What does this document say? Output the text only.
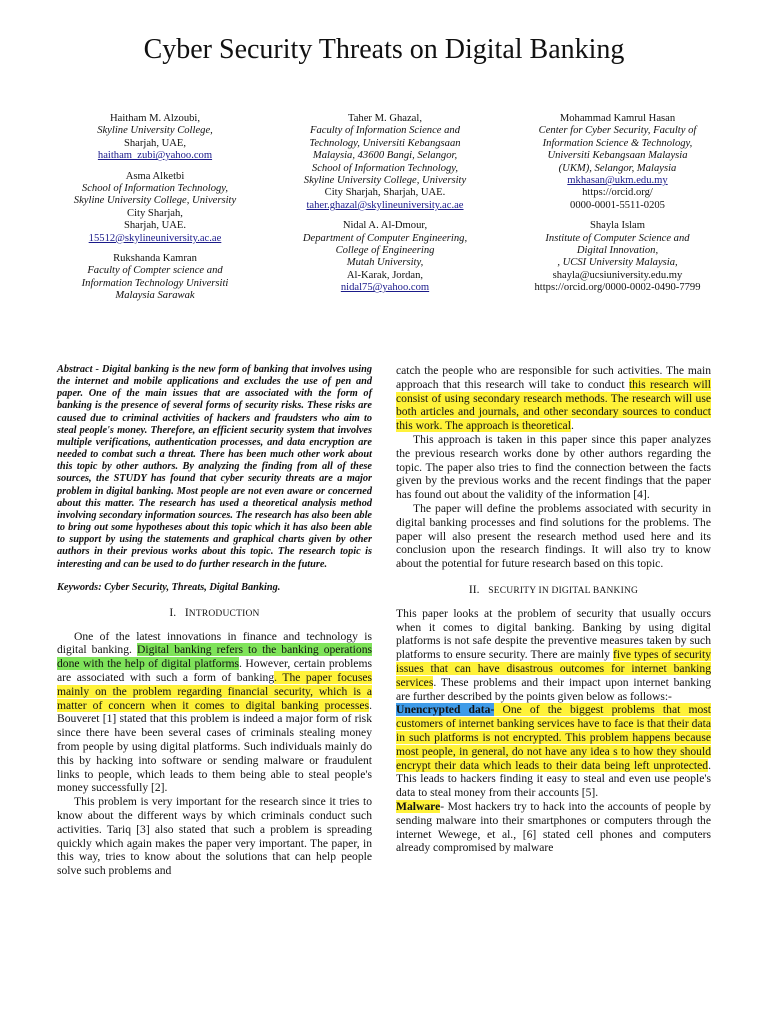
Cyber Security Threats on Digital Banking
Haitham M. Alzoubi,
Skyline University College,
Sharjah, UAE,
haitham_zubi@yahoo.com
Asma Alketbi
School of Information Technology,
Skyline University College, University
City Sharjah,
Sharjah, UAE.
15512@skylineuniversity.ac.ae
Rukshanda Kamran
Faculty of Compter science and
Information Technology Universiti
Malaysia Sarawak
Taher M. Ghazal,
Faculty of Information Science and
Technology, Universiti Kebangsaan
Malaysia, 43600 Bangi, Selangor,
School of Information Technology,
Skyline University College, University
City Sharjah, Sharjah, UAE.
taher.ghazal@skylineuniversity.ac.ae
Nidal A. Al-Dmour,
Department of Computer Engineering,
College of Engineering
Mutah University,
Al-Karak, Jordan,
nidal75@yahoo.com
Mohammad Kamrul Hasan
Center for Cyber Security, Faculty of
Information Science & Technology,
Universiti Kebangsaan Malaysia
(UKM), Selangor, Malaysia
mkhasan@ukm.edu.my
https://orcid.org/
0000-0001-5511-0205
Shayla Islam
Institute of Computer Science and
Digital Innovation,
, UCSI University Malaysia,
shayla@ucsiuniversity.edu.my
https://orcid.org/0000-0002-0490-7799

Abstract - Digital banking is the new form of banking that involves using the internet and mobile applications and excludes the use of pen and paper. One of the main issues that are associated with the form of banking is the presence of several forms of security risks. These risks are caused due to criminal activities of hackers and fraudsters who aim to steal people's money. Therefore, an efficient security system that involves multiple verifications, authentication processes, and data encryption are needed to combat such a threat. There has been much other work about this topic by other authors. By analyzing the finding from all of these sources, the STUDY has found that cyber security threats are a major problem in digital banking. Most people are not even aware or concerned about this matter. The research has used a theoretical analysis method involving secondary information sources. The research has also been able to bring out some hypotheses about this topic which it has also been able to support by using the statements and graphical charts given by other authors in their previous works about this topic. The research topic is interesting and can be used to do further research in the future.

Keywords: Cyber Security, Threats, Digital Banking.

I. INTRODUCTION

One of the latest innovations in finance and technology is digital banking. Digital banking refers to the banking operations done with the help of digital platforms. However, certain problems are associated with such a form of banking. The paper focuses mainly on the problem regarding financial security, which is a matter of concern when it comes to digital banking processes. Bouveret [1] stated that this problem is indeed a major form of risk since there have been several cases of criminals stealing money from people by using digital platforms. Such individuals mainly do this by hacking into software or sending malware or fraudulent links to people, which leads to them being able to steal people's money successfully [2].

This problem is very important for the research since it tries to know about the different ways by which criminals conduct such activities. Tariq [3] also stated that such a problem is spreading quickly which again makes the paper very important. The paper, in this way, tries to know about the solutions that can help people solve such problems and

catch the people who are responsible for such activities. The main approach that this research will take to conduct this research will consist of using secondary research methods. The research will use both articles and journals, and other secondary sources to conduct this work. The approach is theoretical.

This approach is taken in this paper since this paper analyzes the previous research works done by other authors regarding the topic. The paper also tries to find the connection between the facts given by the previous works and the recent findings that the paper has found out about the validity of the information [4].

The paper will define the problems associated with security in digital banking processes and find solutions for the problems. The paper will also present the research method used here and its conclusion upon the research findings. It will also try to know about the potential for future research based on this topic.

II. SECURITY IN DIGITAL BANKING

This paper looks at the problem of security that usually occurs when it comes to digital banking. Banking by using digital platforms is not safe despite the preventive measures taken by such platforms to ensure security. There are mainly five types of security issues that can have disastrous outcomes for internet banking services. These problems and their impact upon internet banking are further described by the points given below as follows:-

Unencrypted data- One of the biggest problems that most customers of internet banking services have to face is that their data in such platforms is not encrypted. This problem happens because most people, in general, do not have any idea s to how they should encrypt their data which leads to their data being left unprotected. This leads to hackers finding it easy to steal and even use people's data to steal money from their accounts [5].

Malware- Most hackers try to hack into the accounts of people by sending malware into their smartphones or computers through the internet Wewege, et al., [6] stated cell phones and computers already compromised by malware
